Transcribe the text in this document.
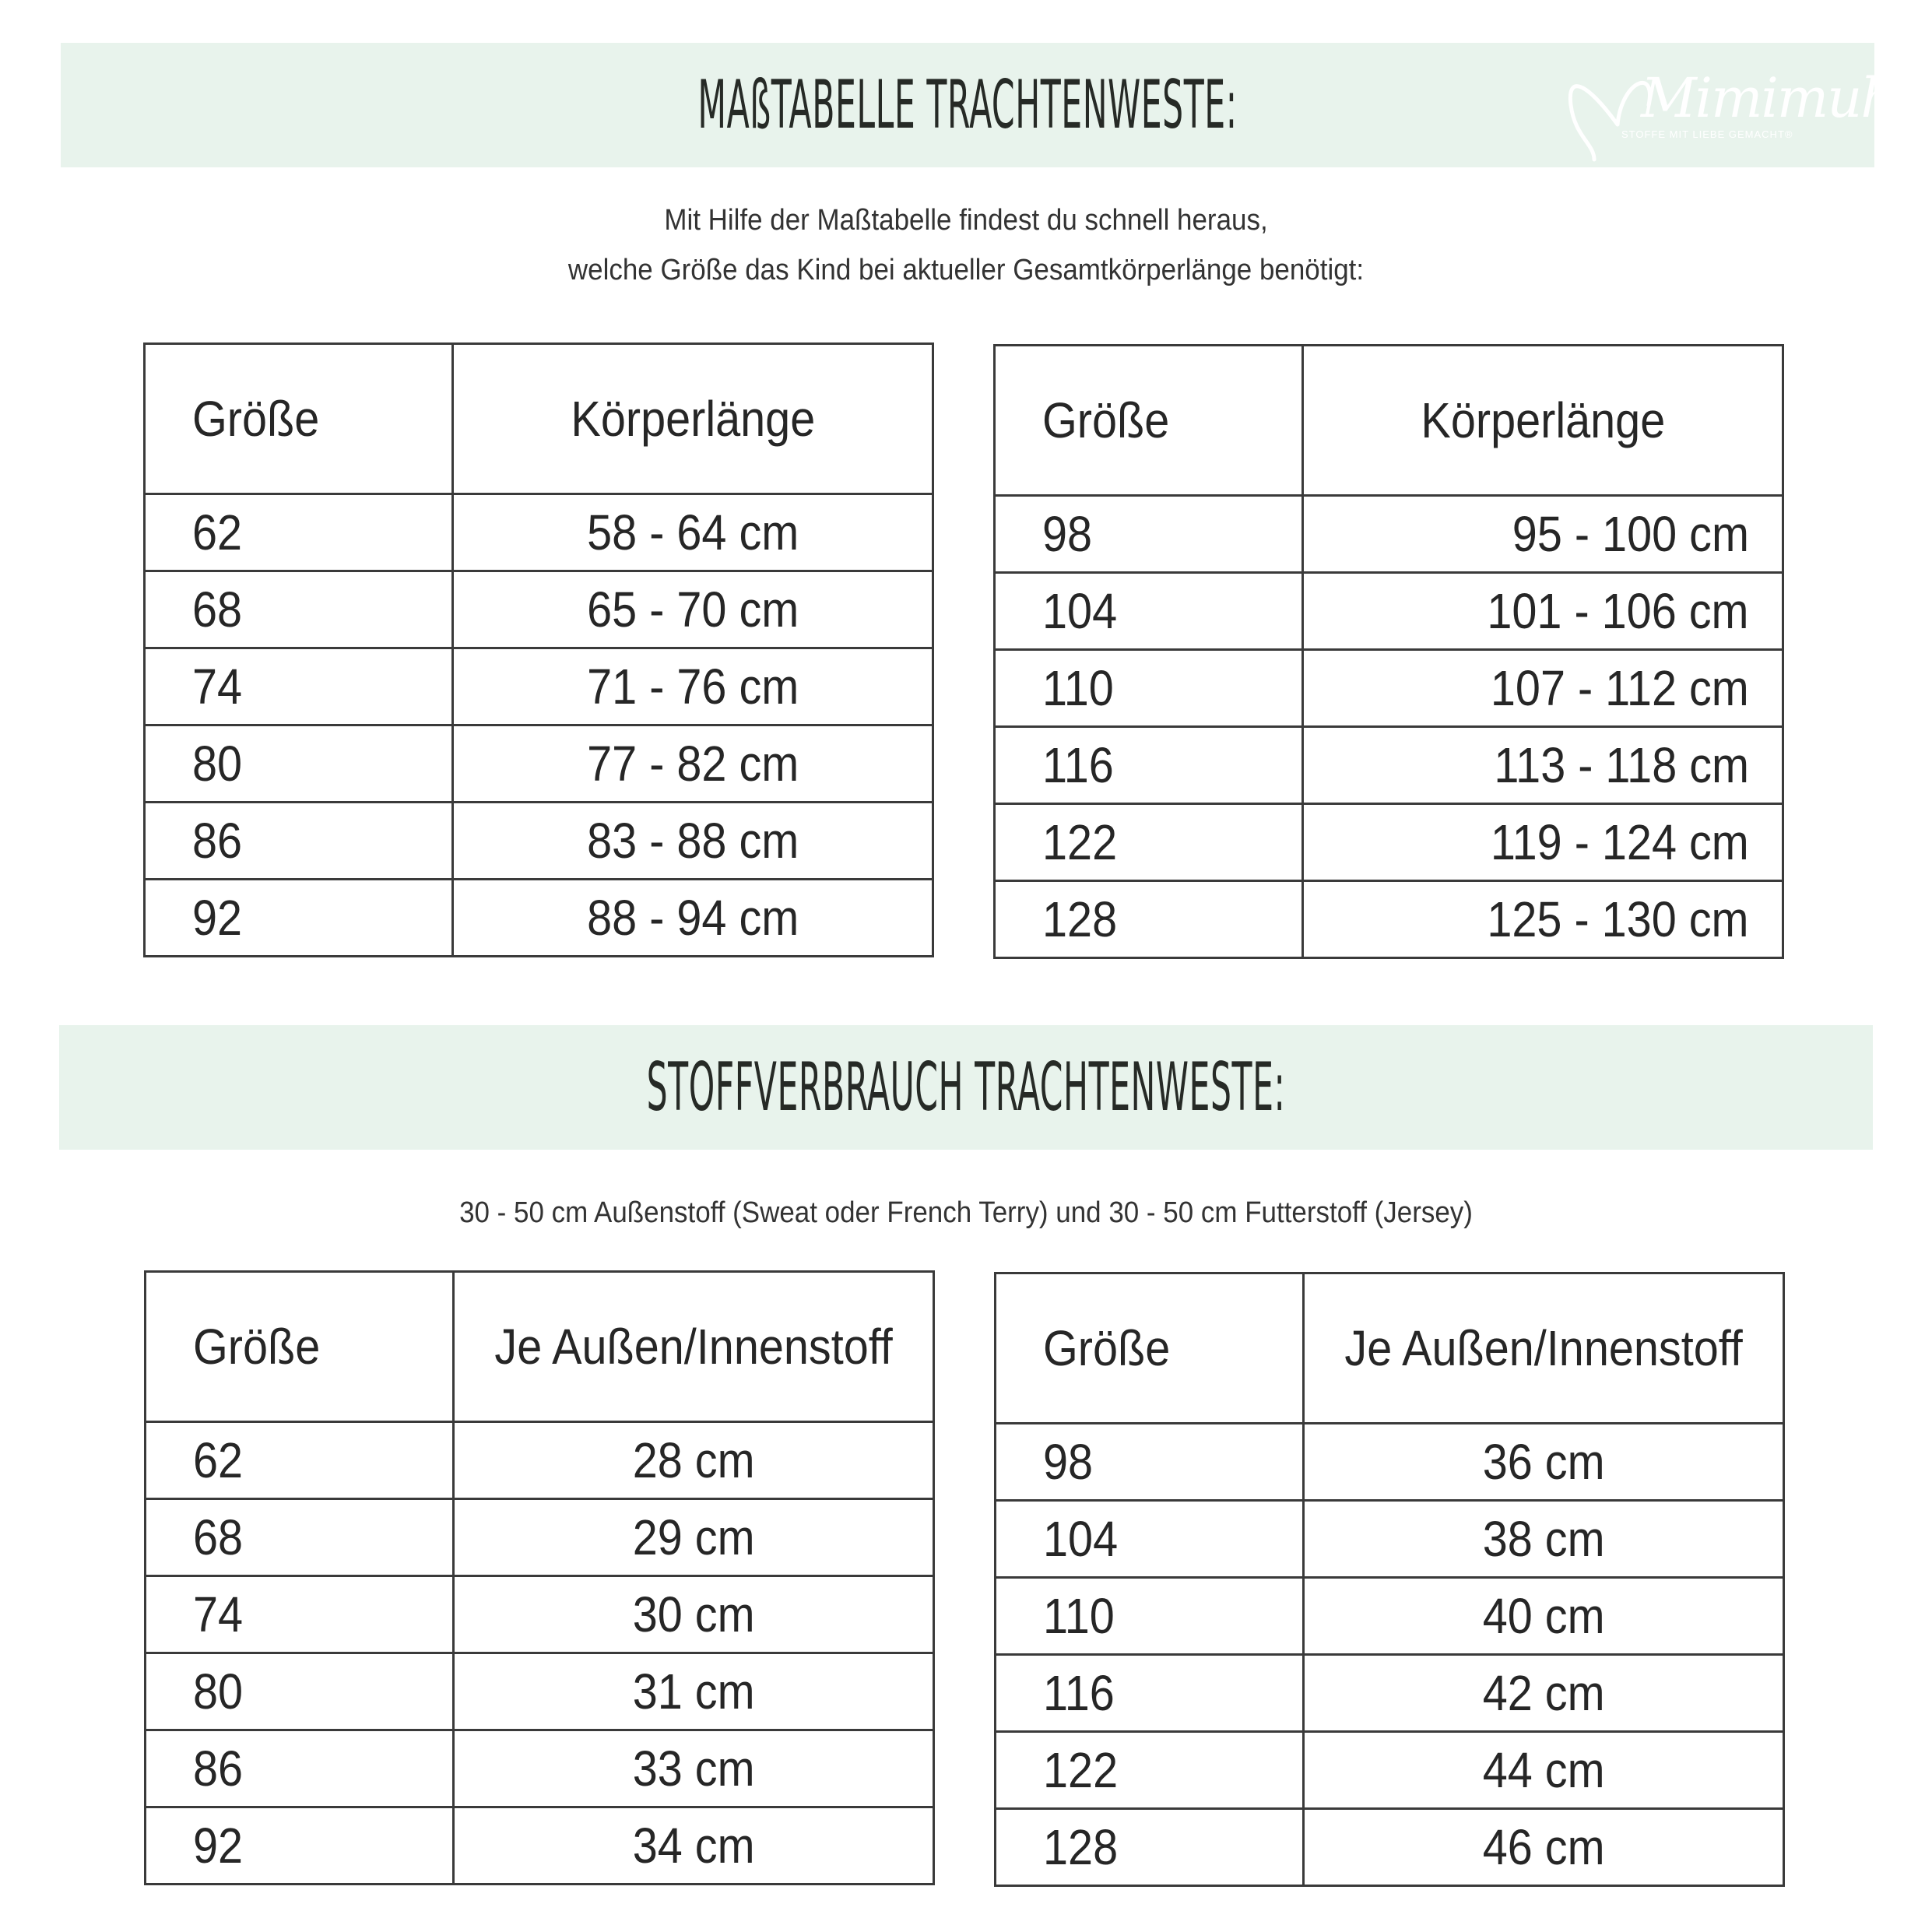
MAßTABELLE TRACHTENWESTE:	Mimimuh
STOFFE MIT LIEBE GEMACHT®
Mit Hilfe der Maßtabelle findest du schnell heraus,
welche Größe das Kind bei aktueller Gesamtkörperlänge benötigt:
Größe	Körperlänge
62	58 - 64 cm
68	65 - 70 cm
74	71 - 76 cm
80	77 - 82 cm
86	83 - 88 cm
92	88 - 94 cm
Größe	Körperlänge
98	95 - 100 cm
104	101 - 106 cm
110	107 - 112 cm
116	113 - 118 cm
122	119 - 124 cm
128	125 - 130 cm
STOFFVERBRAUCH TRACHTENWESTE:
30 - 50 cm Außenstoff (Sweat oder French Terry) und 30 - 50 cm Futterstoff (Jersey)
Größe	Je Außen/Innenstoff
62	28 cm
68	29 cm
74	30 cm
80	31 cm
86	33 cm
92	34 cm
Größe	Je Außen/Innenstoff
98	36 cm
104	38 cm
110	40 cm
116	42 cm
122	44 cm
128	46 cm
